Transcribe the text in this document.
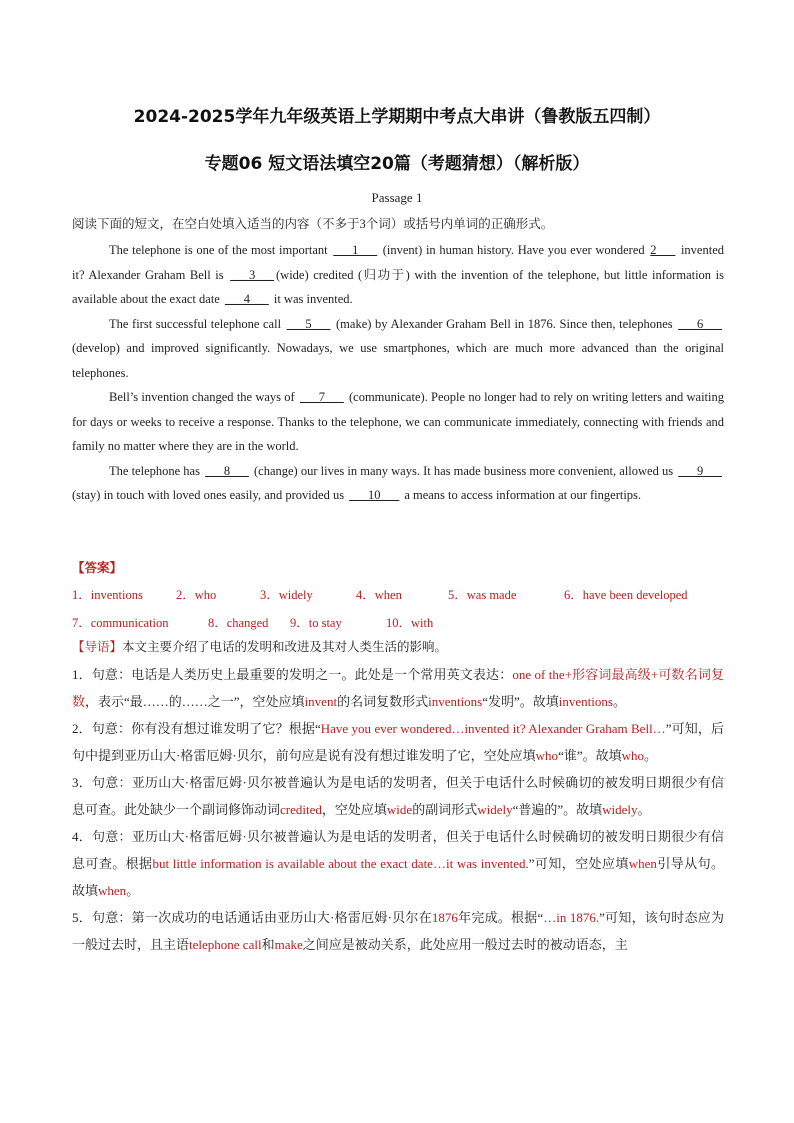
2024-2025学年九年级英语上学期期中考点大串讲（鲁教版五四制）
专题06 短文语法填空20篇（考题猜想）（解析版）
Passage 1
阅读下面的短文，在空白处填入适当的内容（不多于3个词）或括号内单词的正确形式。

The telephone is one of the most important ___1___ (invent) in human history. Have you ever wondered 2___ invented it? Alexander Graham Bell is ___3___ (wide) credited (归功于) with the invention of the telephone, but little information is available about the exact date ___4___ it was invented.

The first successful telephone call ___5___ (make) by Alexander Graham Bell in 1876. Since then, telephones ___6___ (develop) and improved significantly. Nowadays, we use smartphones, which are much more advanced than the original telephones.

Bell’s invention changed the ways of ___7___ (communicate). People no longer had to rely on writing letters and waiting for days or weeks to receive a response. Thanks to the telephone, we can communicate immediately, connecting with friends and family no matter where they are in the world.

The telephone has ___8___ (change) our lives in many ways. It has made business more convenient, allowed us ___9___ (stay) in touch with loved ones easily, and provided us ___10___ a means to access information at our fingertips.

【答案】
1．inventions	2．who	3．widely	4．when	5．was made	6．have been developed
7．communication	8．changed	9．to stay	10．with
【导语】本文主要介绍了电话的发明和改进及其对人类生活的影响。

1．句意：电话是人类历史上最重要的发明之一。此处是一个常用英文表达：one of the+形容词最高级+可数名词复数，表示“最……的……之一”，空处应填invent的名词复数形式inventions“发明”。故填inventions。

2．句意：你有没有想过谁发明了它？根据“Have you ever wondered…invented it? Alexander Graham Bell…”可知，后句中提到亚历山大·格雷厄姆·贝尔，前句应是说有没有想过谁发明了它，空处应填who“谁”。故填who。

3．句意：亚历山大·格雷厄姆·贝尔被普遍认为是电话的发明者，但关于电话什么时候确切的被发明日期很少有信息可查。此处缺少一个副词修饰动词credited，空处应填wide的副词形式widely“普遍的”。故填widely。

4．句意：亚历山大·格雷厄姆·贝尔被普遍认为是电话的发明者，但关于电话什么时候确切的被发明日期很少有信息可查。根据but little information is available about the exact date…it was invented.”可知，空处应填when引导从句。故填when。

5．句意：第一次成功的电话通话由亚历山大·格雷厄姆·贝尔在1876年完成。根据“…in 1876.”可知，该句时态应为一般过去时，且主语telephone call和make之间应是被动关系，此处应用一般过去时的被动语态，主
